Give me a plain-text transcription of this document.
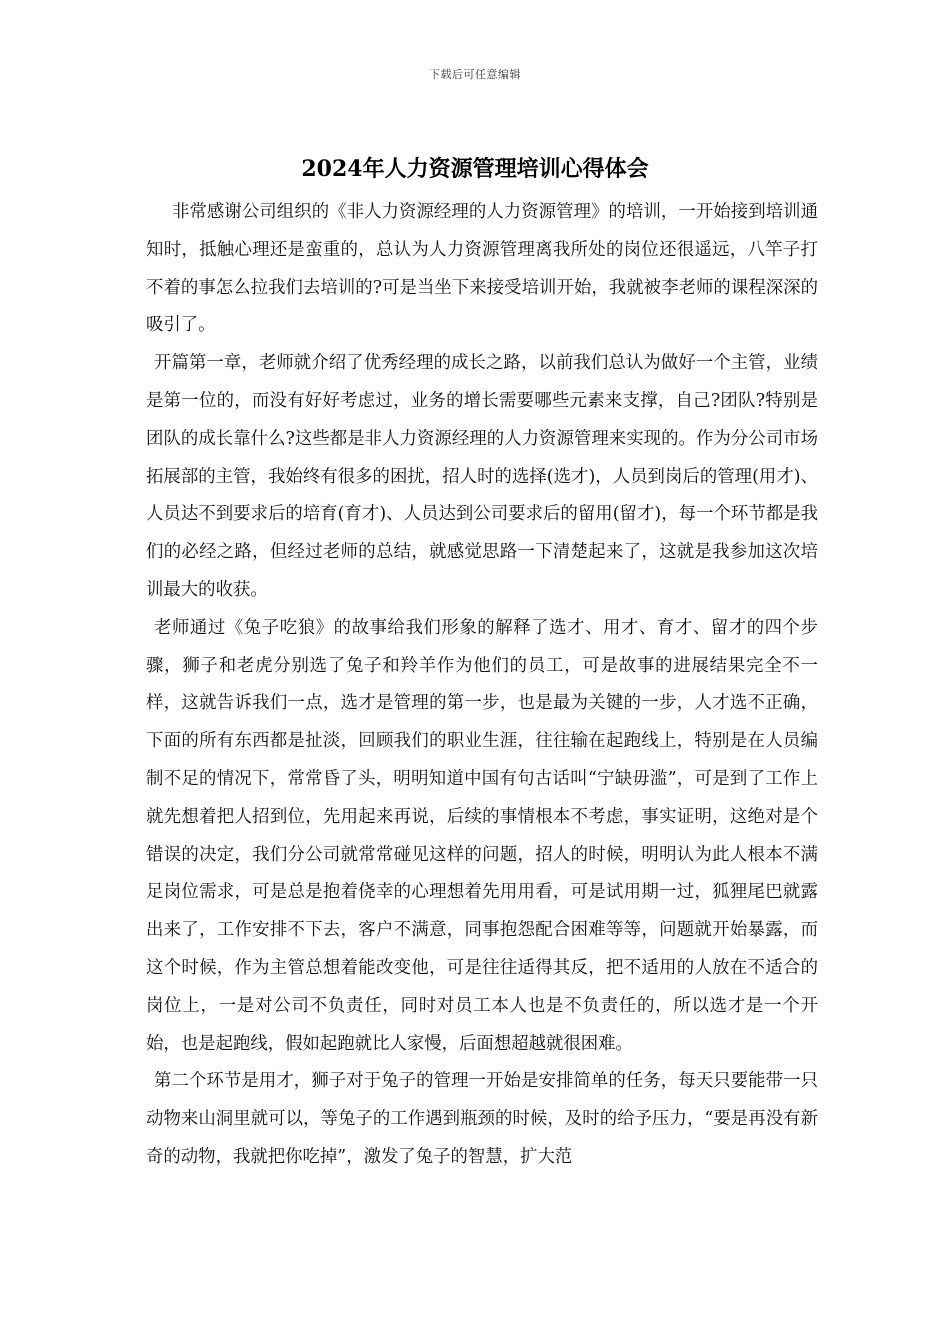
下载后可任意编辑
2024年人力资源管理培训心得体会

非常感谢公司组织的《非人力资源经理的人力资源管理》的培训，一开始接到培训通知时，抵触心理还是蛮重的，总认为人力资源管理离我所处的岗位还很遥远，八竿子打不着的事怎么拉我们去培训的?可是当坐下来接受培训开始，我就被李老师的课程深深的吸引了。

开篇第一章，老师就介绍了优秀经理的成长之路，以前我们总认为做好一个主管，业绩是第一位的，而没有好好考虑过，业务的增长需要哪些元素来支撑，自己?团队?特别是团队的成长靠什么?这些都是非人力资源经理的人力资源管理来实现的。作为分公司市场拓展部的主管，我始终有很多的困扰，招人时的选择(选才)，人员到岗后的管理(用才)、人员达不到要求后的培育(育才)、人员达到公司要求后的留用(留才)，每一个环节都是我们的必经之路，但经过老师的总结，就感觉思路一下清楚起来了，这就是我参加这次培训最大的收获。

老师通过《兔子吃狼》的故事给我们形象的解释了选才、用才、育才、留才的四个步骤，狮子和老虎分别选了兔子和羚羊作为他们的员工，可是故事的进展结果完全不一样，这就告诉我们一点，选才是管理的第一步，也是最为关键的一步，人才选不正确，下面的所有东西都是扯淡，回顾我们的职业生涯，往往输在起跑线上，特别是在人员编制不足的情况下，常常昏了头，明明知道中国有句古话叫“宁缺毋滥”，可是到了工作上就先想着把人招到位，先用起来再说，后续的事情根本不考虑，事实证明，这绝对是个错误的决定，我们分公司就常常碰见这样的问题，招人的时候，明明认为此人根本不满足岗位需求，可是总是抱着侥幸的心理想着先用用看，可是试用期一过，狐狸尾巴就露出来了，工作安排不下去，客户不满意，同事抱怨配合困难等等，问题就开始暴露，而这个时候，作为主管总想着能改变他，可是往往适得其反，把不适用的人放在不适合的岗位上，一是对公司不负责任，同时对员工本人也是不负责任的，所以选才是一个开始，也是起跑线，假如起跑就比人家慢，后面想超越就很困难。

第二个环节是用才，狮子对于兔子的管理一开始是安排简单的任务，每天只要能带一只动物来山洞里就可以，等兔子的工作遇到瓶颈的时候，及时的给予压力，“要是再没有新奇的动物，我就把你吃掉”，激发了兔子的智慧，扩大范
